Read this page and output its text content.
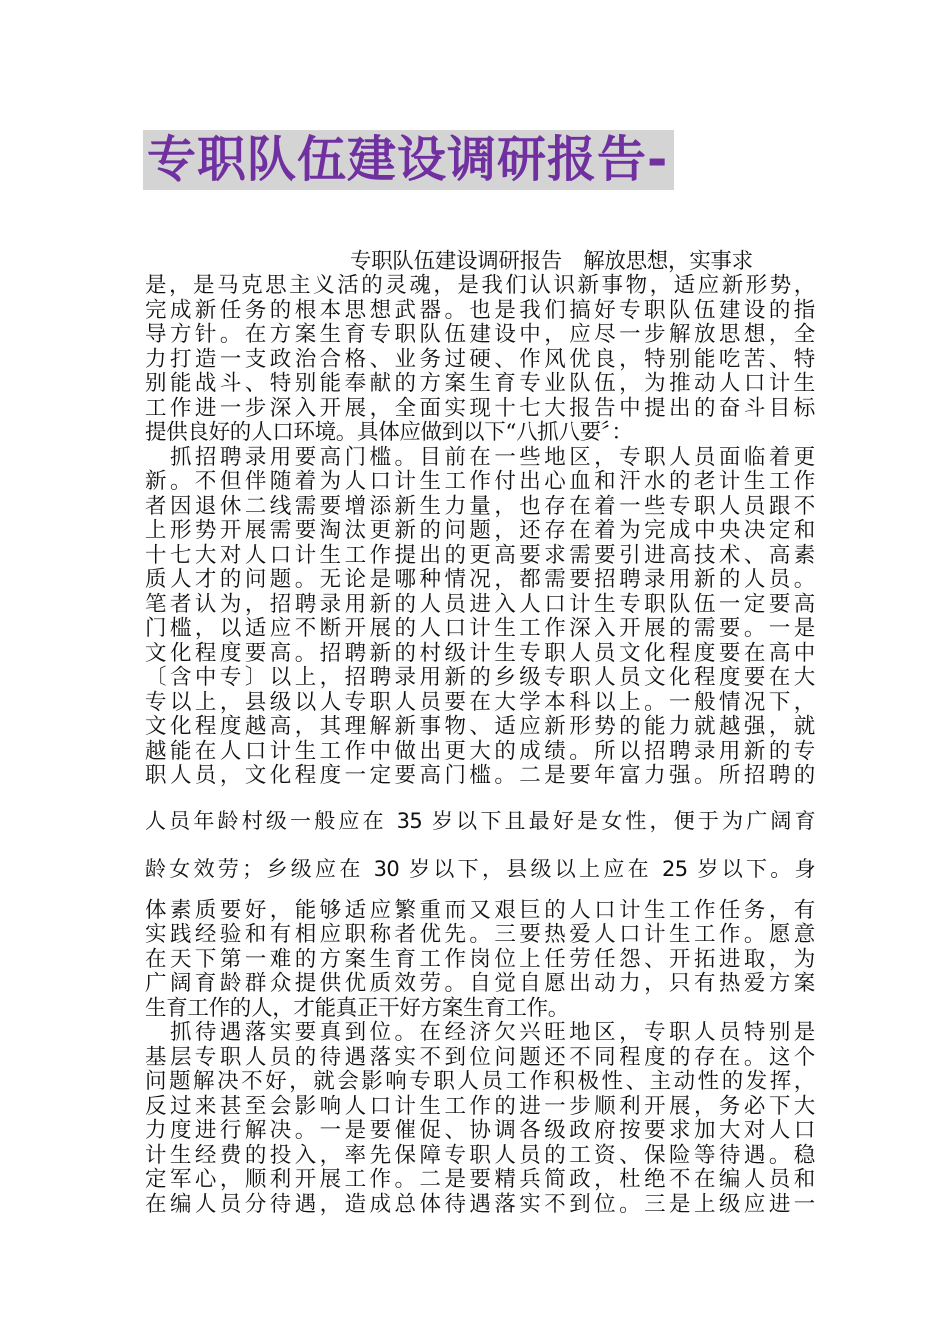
专职队伍建设调研报告-
专职队伍建设调研报告　解放思想，实事求
是，是马克思主义活的灵魂，是我们认识新事物，适应新形势，
完成新任务的根本思想武器。也是我们搞好专职队伍建设的指
导方针。在方案生育专职队伍建设中，应尽一步解放思想，全
力打造一支政治合格、业务过硬、作风优良，特别能吃苦、特
别能战斗、特别能奉献的方案生育专业队伍，为推动人口计生
工作进一步深入开展，全面实现十七大报告中提出的奋斗目标
提供良好的人口环境。具体应做到以下“八抓八要〞：
　抓招聘录用要高门槛。目前在一些地区，专职人员面临着更
新。不但伴随着为人口计生工作付出心血和汗水的老计生工作
者因退休二线需要增添新生力量，也存在着一些专职人员跟不
上形势开展需要淘汰更新的问题，还存在着为完成中央决定和
十七大对人口计生工作提出的更高要求需要引进高技术、高素
质人才的问题。无论是哪种情况，都需要招聘录用新的人员。
笔者认为，招聘录用新的人员进入人口计生专职队伍一定要高
门槛，以适应不断开展的人口计生工作深入开展的需要。一是
文化程度要高。招聘新的村级计生专职人员文化程度要在高中
〔含中专〕以上，招聘录用新的乡级专职人员文化程度要在大
专以上，县级以人专职人员要在大学本科以上。一般情况下，
文化程度越高，其理解新事物、适应新形势的能力就越强，就
越能在人口计生工作中做出更大的成绩。所以招聘录用新的专
职人员，文化程度一定要高门槛。二是要年富力强。所招聘的
人员年龄村级一般应在 35 岁以下且最好是女性，便于为广阔育
龄女效劳；乡级应在 30 岁以下，县级以上应在 25 岁以下。身
体素质要好，能够适应繁重而又艰巨的人口计生工作任务，有
实践经验和有相应职称者优先。三要热爱人口计生工作。愿意
在天下第一难的方案生育工作岗位上任劳任怨、开拓进取，为
广阔育龄群众提供优质效劳。自觉自愿出动力，只有热爱方案
生育工作的人，才能真正干好方案生育工作。
　抓待遇落实要真到位。在经济欠兴旺地区，专职人员特别是
基层专职人员的待遇落实不到位问题还不同程度的存在。这个
问题解决不好，就会影响专职人员工作积极性、主动性的发挥，
反过来甚至会影响人口计生工作的进一步顺利开展，务必下大
力度进行解决。一是要催促、协调各级政府按要求加大对人口
计生经费的投入，率先保障专职人员的工资、保险等待遇。稳
定军心，顺利开展工作。二是要精兵简政，杜绝不在编人员和
在编人员分待遇，造成总体待遇落实不到位。三是上级应进一
